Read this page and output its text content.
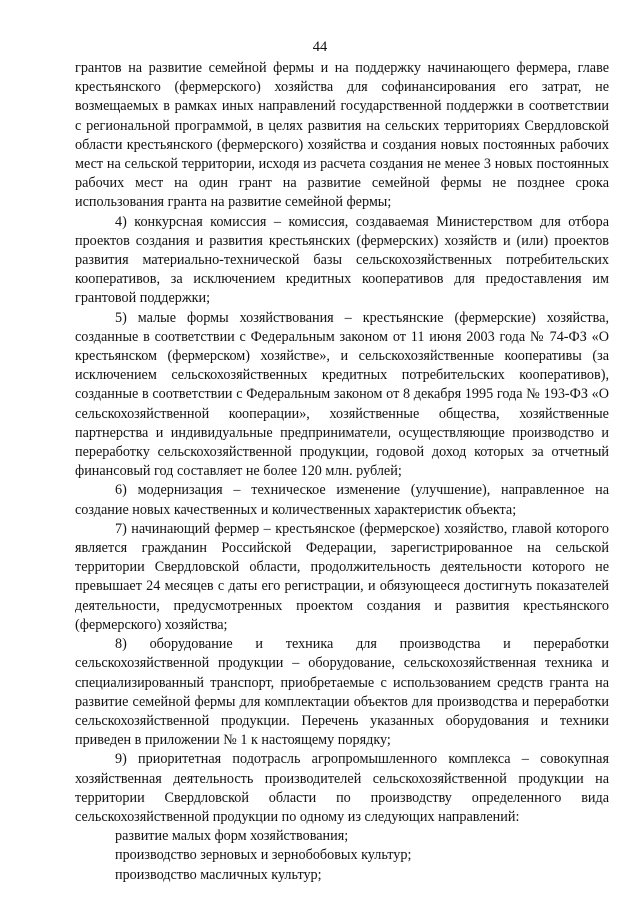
44

грантов на развитие семейной фермы и на поддержку начинающего фермера, главе крестьянского (фермерского) хозяйства для софинансирования его затрат, не возмещаемых в рамках иных направлений государственной поддержки в соответствии с региональной программой, в целях развития на сельских территориях Свердловской области крестьянского (фермерского) хозяйства и создания новых постоянных рабочих мест на сельской территории, исходя из расчета создания не менее 3 новых постоянных рабочих мест на один грант на развитие семейной фермы не позднее срока использования гранта на развитие семейной фермы;

4) конкурсная комиссия – комиссия, создаваемая Министерством для отбора проектов создания и развития крестьянских (фермерских) хозяйств и (или) проектов развития материально-технической базы сельскохозяйственных потребительских кооперативов, за исключением кредитных кооперативов для предоставления им грантовой поддержки;

5) малые формы хозяйствования – крестьянские (фермерские) хозяйства, созданные в соответствии с Федеральным законом от 11 июня 2003 года № 74-ФЗ «О крестьянском (фермерском) хозяйстве», и сельскохозяйственные кооперативы (за исключением сельскохозяйственных кредитных потребительских кооперативов), созданные в соответствии с Федеральным законом от 8 декабря 1995 года № 193-ФЗ «О сельскохозяйственной кооперации», хозяйственные общества, хозяйственные партнерства и индивидуальные предприниматели, осуществляющие производство и переработку сельскохозяйственной продукции, годовой доход которых за отчетный финансовый год составляет не более 120 млн. рублей;

6) модернизация – техническое изменение (улучшение), направленное на создание новых качественных и количественных характеристик объекта;

7) начинающий фермер – крестьянское (фермерское) хозяйство, главой которого является гражданин Российской Федерации, зарегистрированное на сельской территории Свердловской области, продолжительность деятельности которого не превышает 24 месяцев с даты его регистрации, и обязующееся достигнуть показателей деятельности, предусмотренных проектом создания и развития крестьянского (фермерского) хозяйства;

8) оборудование и техника для производства и переработки сельскохозяйственной продукции – оборудование, сельскохозяйственная техника и специализированный транспорт, приобретаемые с использованием средств гранта на развитие семейной фермы для комплектации объектов для производства и переработки сельскохозяйственной продукции. Перечень указанных оборудования и техники приведен в приложении № 1 к настоящему порядку;

9) приоритетная подотрасль агропромышленного комплекса – совокупная хозяйственная деятельность производителей сельскохозяйственной продукции на территории Свердловской области по производству определенного вида сельскохозяйственной продукции по одному из следующих направлений:

развитие малых форм хозяйствования;

производство зерновых и зернобобовых культур;

производство масличных культур;
